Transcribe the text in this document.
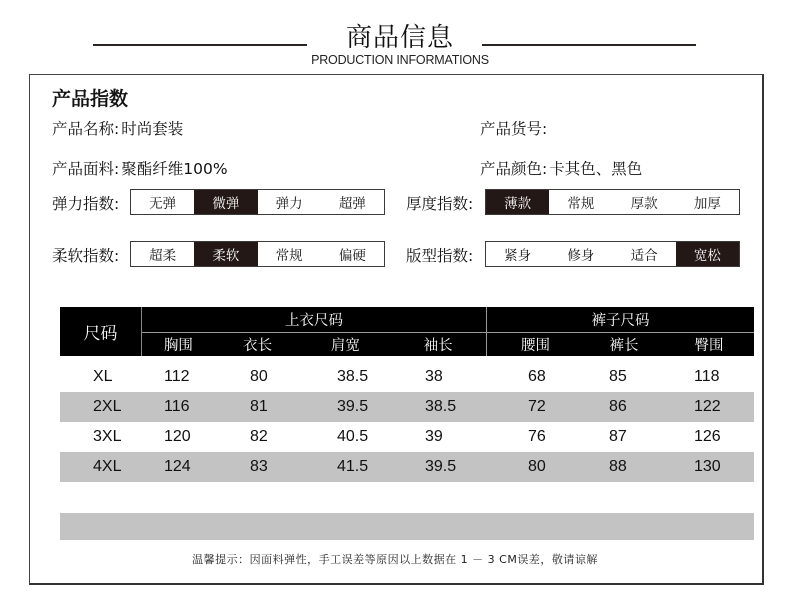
商品信息
PRODUCTION INFORMATIONS
产品指数
产品名称: 时尚套装	产品货号:
产品面料: 聚酯纤维100%	产品颜色: 卡其色、黑色
弹力指数:	无弹	微弹	弹力	超弹	厚度指数:	薄款	常规	厚款	加厚
柔软指数:	超柔	柔软	常规	偏硬	版型指数:	紧身	修身	适合	宽松
尺码
上衣尺码	裤子尺码
胸围	衣长	肩宽	袖长	腰围	裤长	臀围
XL	112	80	38.5	38	68	85	118
2XL	116	81	39.5	38.5	72	86	122
3XL	120	82	40.5	39	76	87	126
4XL	124	83	41.5	39.5	80	88	130
温馨提示：因面料弹性，手工误差等原因以上数据在 1 － 3 CM误差，敬请谅解
